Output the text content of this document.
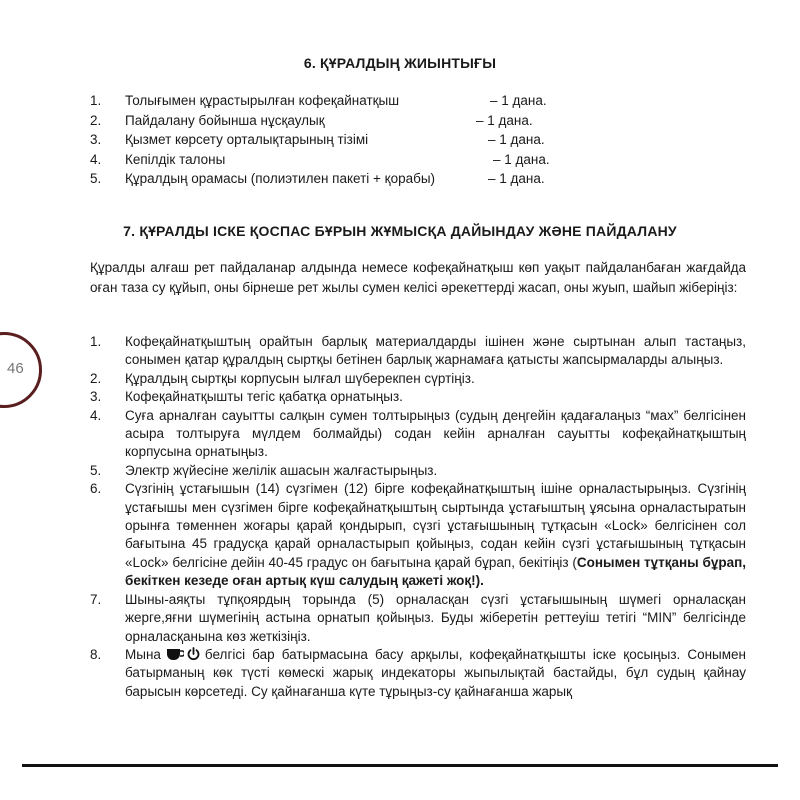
46
6. ҚҰРАЛДЫҢ ЖИЫНТЫҒЫ
1. Толығымен құрастырылған кофеқайнатқыш	– 1 дана.
2. Пайдалану бойынша нұсқаулық	– 1 дана.
3. Қызмет көрсету орталықтарының тізімі	– 1 дана.
4. Кепілдік талоны	– 1 дана.
5. Құралдың орамасы (полиэтилен пакеті + қорабы)	– 1 дана.
7. ҚҰРАЛДЫ ІСКЕ ҚОСПАС БҰРЫН ЖҰМЫСҚА ДАЙЫНДАУ ЖӘНЕ ПАЙДАЛАНУ

Құралды алғаш рет пайдаланар алдында немесе кофеқайнатқыш көп уақыт пайдаланбаған жағдайда оған таза су құйып, оны бірнеше рет жылы сумен келісі әрекеттерді жасап, оны жуып, шайып жіберіңіз:

1. Кофеқайнатқыштың орайтын барлық материалдарды ішінен және сыртынан алып тастаңыз, сонымен қатар құралдың сыртқы бетінен барлық жарнамаға қатысты жапсырмаларды алыңыз.
2. Құралдың сыртқы корпусын ылғал шүберекпен сүртіңіз.
3. Кофеқайнатқышты тегіс қабатқа орнатыңыз.
4. Суға арналған сауытты салқын сумен толтырыңыз (судың деңгейін қадағалаңыз “мах” белгісінен асыра толтыруға мүлдем болмайды) содан кейін арналған сауытты кофеқайнатқыштың корпусына орнатыңыз.
5. Электр жүйесіне желілік ашасын жалғастырыңыз.
6. Сүзгінің ұстағышын (14) сүзгімен (12) бірге кофеқайнатқыштың ішіне орналастырыңыз. Сүзгінің ұстағышы мен сүзгімен бірге кофеқайнатқыштың сыртында ұстағыштың ұясына орналастыратын орынға төменнен жоғары қарай қондырып, сүзгі ұстағышының тұтқасын «Lock» белгісінен сол бағытына 45 градусқа қарай орналастырып қойыңыз, содан кейін сүзгі ұстағышының тұтқасын «Lock» белгісіне дейін 40-45 градус он бағытына қарай бұрап, бекітіңіз (Сонымен тұтқаны бұрап, бекіткен кезеде оған артық күш салудың қажеті жоқ!).
7. Шыны-аяқты тұпқоярдың торында (5) орналасқан сүзгі ұстағышының шүмегі орналасқан жерге,яғни шүмегінің астына орнатып қойыңыз. Буды жіберетін реттеуіш тетігі “MIN” белгісінде орналасқанына көз жеткізіңіз.
8. Мына	белгісі бар батырмасына басу арқылы, кофеқайнатқышты іске қосыңыз. Сонымен батырманың көк түсті көмескі жарық индекаторы жыпылықтай бастайды, бұл судың қайнау барысын көрсетеді. Су қайнағанша күте тұрыңыз-су қайнағанша жарық
